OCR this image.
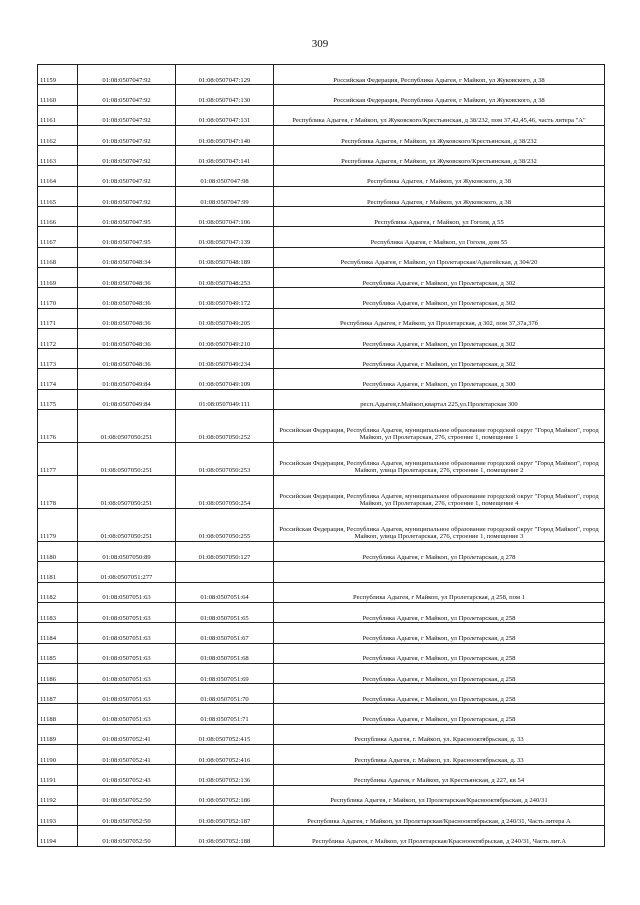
309
11159	01:08:0507047:92	01:08:0507047:129	Российская Федерация, Республика Адыгея, г Майкоп, ул Жуковского, д 38
11160	01:08:0507047:92	01:08:0507047:130	Российская Федерация, Республика Адыгея, г Майкоп, ул Жуковского, д 38
11161	01:08:0507047:92	01:08:0507047:131	Республика Адыгея, г Майкоп, ул Жуковского/Крестьянская, д 38/232, пом 37,42,45,46, часть литера "А"
11162	01:08:0507047:92	01:08:0507047:140	Республика Адыгея, г Майкоп, ул Жуковского/Крестьянская, д 38/232
11163	01:08:0507047:92	01:08:0507047:141	Республика Адыгея, г Майкоп, ул Жуковского/Крестьянская, д 38/232
11164	01:08:0507047:92	01:08:0507047:98	Республика Адыгея, г Майкоп, ул Жуковского, д 38
11165	01:08:0507047:92	01:08:0507047:99	Республика Адыгея, г Майкоп, ул Жуковского, д 38
11166	01:08:0507047:95	01:08:0507047:106	Республика Адыгея, г Майкоп, ул Гоголя, д 55
11167	01:08:0507047:95	01:08:0507047:139	Республика Адыгея, г Майкоп, ул Гоголя, дом 55
11168	01:08:0507048:34	01:08:0507048:189	Республика Адыгея, г Майкоп, ул Пролетарская/Адыгейская, д 304/20
11169	01:08:0507048:36	01:08:0507048:253	Республика Адыгея, г Майкоп, ул Пролетарская, д 302
11170	01:08:0507048:36	01:08:0507049:172	Республика Адыгея, г Майкоп, ул Пролетарская, д 302
11171	01:08:0507048:36	01:08:0507049:205	Республика Адыгея, г Майкоп, ул Пролетарская, д 302, пом 37,37а,37б
11172	01:08:0507048:36	01:08:0507049:210	Республика Адыгея, г Майкоп, ул Пролетарская, д 302
11173	01:08:0507048:36	01:08:0507049:234	Республика Адыгея, г Майкоп, ул Пролетарская, д 302
11174	01:08:0507049:84	01:08:0507049:109	Республика Адыгея, г Майкоп, ул Пролетарская, д 300
11175	01:08:0507049:84	01:08:0507049:111	респ.Адыгея,г.Майкоп,квартал 225,ул.Пролетарская 300
11176	01:08:0507050:251	01:08:0507050:252	Российская Федерация, Республика Адыгея, муниципальное образование городской округ "Город Майкоп", город Майкоп, ул Пролетарская, 276, строение 1, помещение 1
11177	01:08:0507050:251	01:08:0507050:253	Российская Федерация, Республика Адыгея, муниципальное образование городской округ "Город Майкоп", город Майкоп, улица Пролетарская, 276, строение 1, помещение 2
11178	01:08:0507050:251	01:08:0507050:254	Российская Федерация, Республика Адыгея, муниципальное образование городской округ "Город Майкоп", город Майкоп, ул Пролетарская, 276, строение 1, помещение 4
11179	01:08:0507050:251	01:08:0507050:255	Российская Федерация, Республика Адыгея, муниципальное образование городской округ "Город Майкоп", город Майкоп, улица Пролетарская, 276, строение 1, помещение 3
11180	01:08:0507050:89	01:08:0507050:127	Республика Адыгея, г Майкоп, ул Пролетарская, д 278
11181	01:08:0507051:277		
11182	01:08:0507051:63	01:08:0507051:64	Республика Адыгея, г Майкоп, ул Пролетарская, д 258, пом 1
11183	01:08:0507051:63	01:08:0507051:65	Республика Адыгея, г Майкоп, ул Пролетарская, д 258
11184	01:08:0507051:63	01:08:0507051:67	Республика Адыгея, г Майкоп, ул Пролетарская, д 258
11185	01:08:0507051:63	01:08:0507051:68	Республика Адыгея, г Майкоп, ул Пролетарская, д 258
11186	01:08:0507051:63	01:08:0507051:69	Республика Адыгея, г Майкоп, ул Пролетарская, д 258
11187	01:08:0507051:63	01:08:0507051:70	Республика Адыгея, г Майкоп, ул Пролетарская, д 258
11188	01:08:0507051:63	01:08:0507051:71	Республика Адыгея, г Майкоп, ул Пролетарская, д 258
11189	01:08:0507052:41	01:08:0507052:415	Республика Адыгея, г. Майкоп, ул. Краснооктябрьская, д. 33
11190	01:08:0507052:41	01:08:0507052:416	Республика Адыгея, г. Майкоп, ул. Краснооктябрьская, д. 33
11191	01:08:0507052:43	01:08:0507052:136	Республика Адыгея, г Майкоп, ул Крестьянская, д 227, кв 54
11192	01:08:0507052:50	01:08:0507052:186	Республика Адыгея, г Майкоп, ул Пролетарская/Краснооктябрьская, д 240/31
11193	01:08:0507052:50	01:08:0507052:187	Республика Адыгея, г Майкоп, ул Пролетарская/Краснооктябрьская, д 240/31, Часть литера А
11194	01:08:0507052:50	01:08:0507052:188	Республика Адыгея, г Майкоп, ул Пролетарская/Краснооктябрьская, д 240/31, Часть лит.А
